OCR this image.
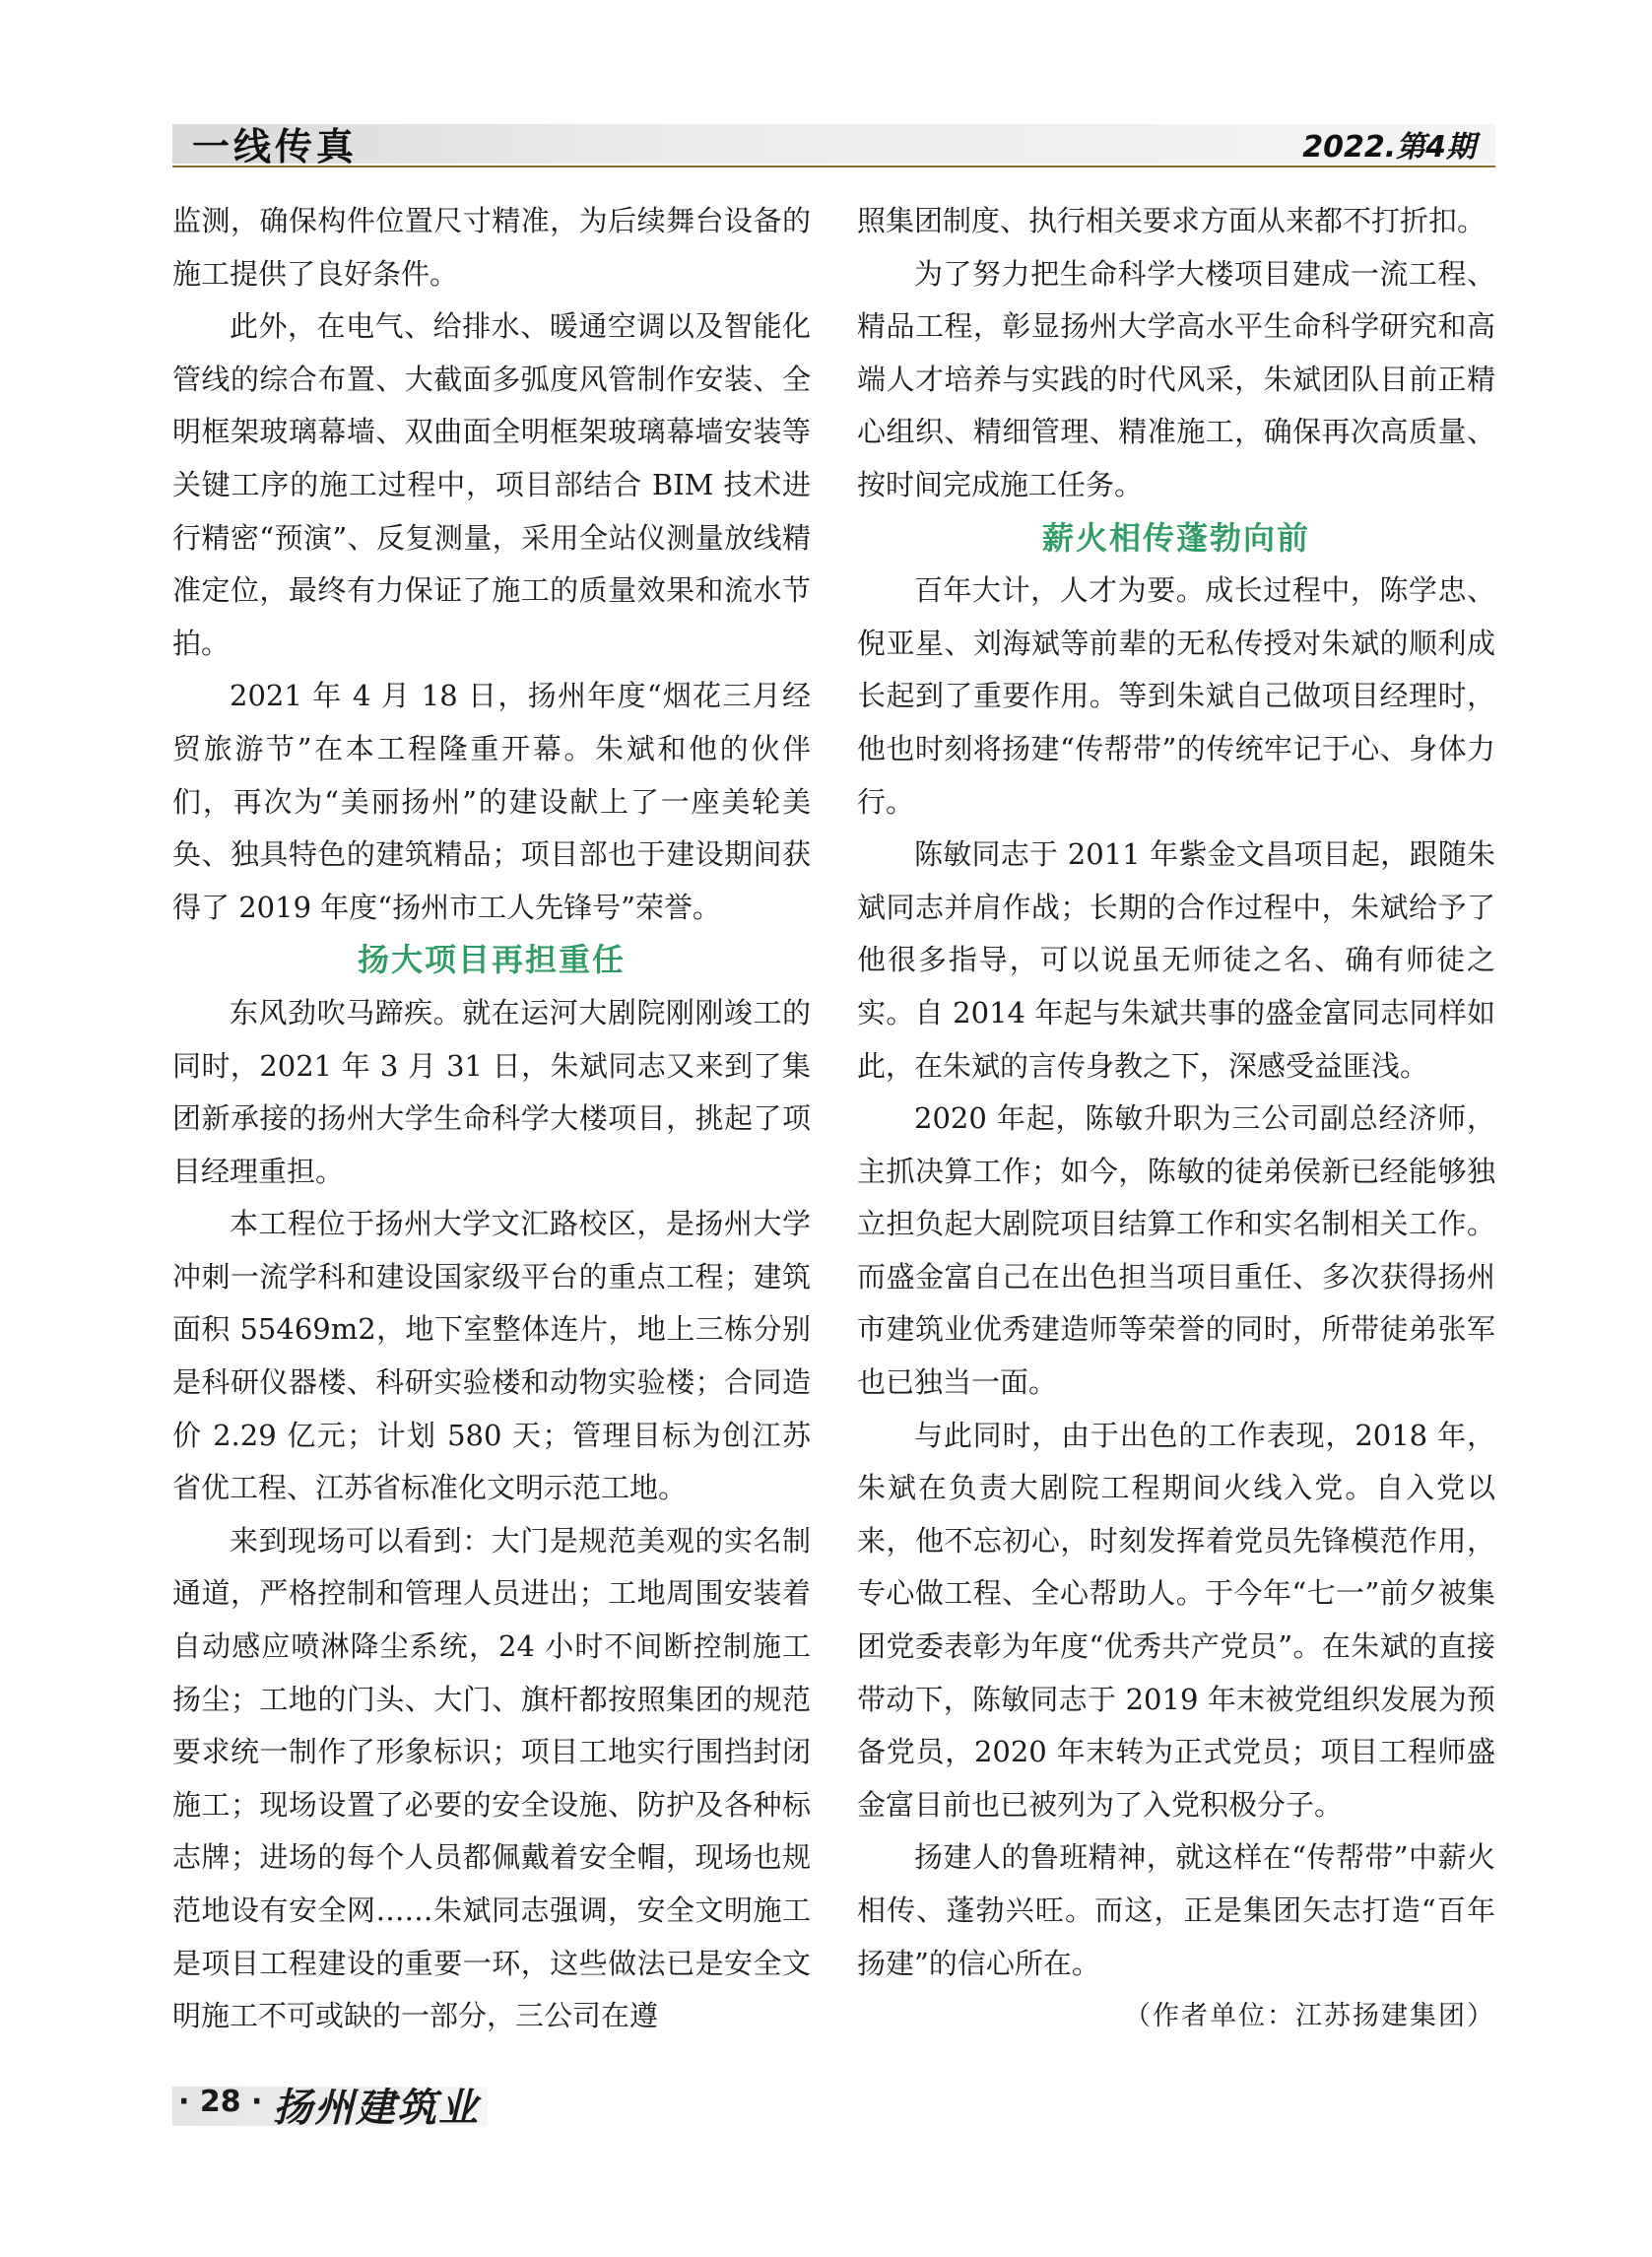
一线传真	2022.第4期

监测，确保构件位置尺寸精准，为后续舞台设备的施工提供了良好条件。

此外，在电气、给排水、暖通空调以及智能化管线的综合布置、大截面多弧度风管制作安装、全明框架玻璃幕墙、双曲面全明框架玻璃幕墙安装等关键工序的施工过程中，项目部结合 BIM 技术进行精密“预演”、反复测量，采用全站仪测量放线精准定位，最终有力保证了施工的质量效果和流水节拍。

2021 年 4 月 18 日，扬州年度“烟花三月经贸旅游节”在本工程隆重开幕。朱斌和他的伙伴们，再次为“美丽扬州”的建设献上了一座美轮美奂、独具特色的建筑精品；项目部也于建设期间获得了 2019 年度“扬州市工人先锋号”荣誉。

扬大项目再担重任

东风劲吹马蹄疾。就在运河大剧院刚刚竣工的同时，2021 年 3 月 31 日，朱斌同志又来到了集团新承接的扬州大学生命科学大楼项目，挑起了项目经理重担。

本工程位于扬州大学文汇路校区，是扬州大学冲刺一流学科和建设国家级平台的重点工程；建筑面积 55469m2，地下室整体连片，地上三栋分别是科研仪器楼、科研实验楼和动物实验楼；合同造价 2.29 亿元；计划 580 天；管理目标为创江苏省优工程、江苏省标准化文明示范工地。

来到现场可以看到：大门是规范美观的实名制通道，严格控制和管理人员进出；工地周围安装着自动感应喷淋降尘系统，24 小时不间断控制施工扬尘；工地的门头、大门、旗杆都按照集团的规范要求统一制作了形象标识；项目工地实行围挡封闭施工；现场设置了必要的安全设施、防护及各种标志牌；进场的每个人员都佩戴着安全帽，现场也规范地设有安全网……朱斌同志强调，安全文明施工是项目工程建设的重要一环，这些做法已是安全文明施工不可或缺的一部分，三公司在遵

照集团制度、执行相关要求方面从来都不打折扣。

为了努力把生命科学大楼项目建成一流工程、精品工程，彰显扬州大学高水平生命科学研究和高端人才培养与实践的时代风采，朱斌团队目前正精心组织、精细管理、精准施工，确保再次高质量、按时间完成施工任务。

薪火相传蓬勃向前

百年大计，人才为要。成长过程中，陈学忠、倪亚星、刘海斌等前辈的无私传授对朱斌的顺利成长起到了重要作用。等到朱斌自己做项目经理时，他也时刻将扬建“传帮带”的传统牢记于心、身体力行。

陈敏同志于 2011 年紫金文昌项目起，跟随朱斌同志并肩作战；长期的合作过程中，朱斌给予了他很多指导，可以说虽无师徒之名、确有师徒之实。自 2014 年起与朱斌共事的盛金富同志同样如此，在朱斌的言传身教之下，深感受益匪浅。

2020 年起，陈敏升职为三公司副总经济师，主抓决算工作；如今，陈敏的徒弟侯新已经能够独立担负起大剧院项目结算工作和实名制相关工作。而盛金富自己在出色担当项目重任、多次获得扬州市建筑业优秀建造师等荣誉的同时，所带徒弟张军也已独当一面。

与此同时，由于出色的工作表现，2018 年，朱斌在负责大剧院工程期间火线入党。自入党以来，他不忘初心，时刻发挥着党员先锋模范作用，专心做工程、全心帮助人。于今年“七一”前夕被集团党委表彰为年度“优秀共产党员”。在朱斌的直接带动下，陈敏同志于 2019 年末被党组织发展为预备党员，2020 年末转为正式党员；项目工程师盛金富目前也已被列为了入党积极分子。

扬建人的鲁班精神，就这样在“传帮带”中薪火相传、蓬勃兴旺。而这，正是集团矢志打造“百年扬建”的信心所在。

（作者单位：江苏扬建集团）
· 28 · 扬州建筑业
